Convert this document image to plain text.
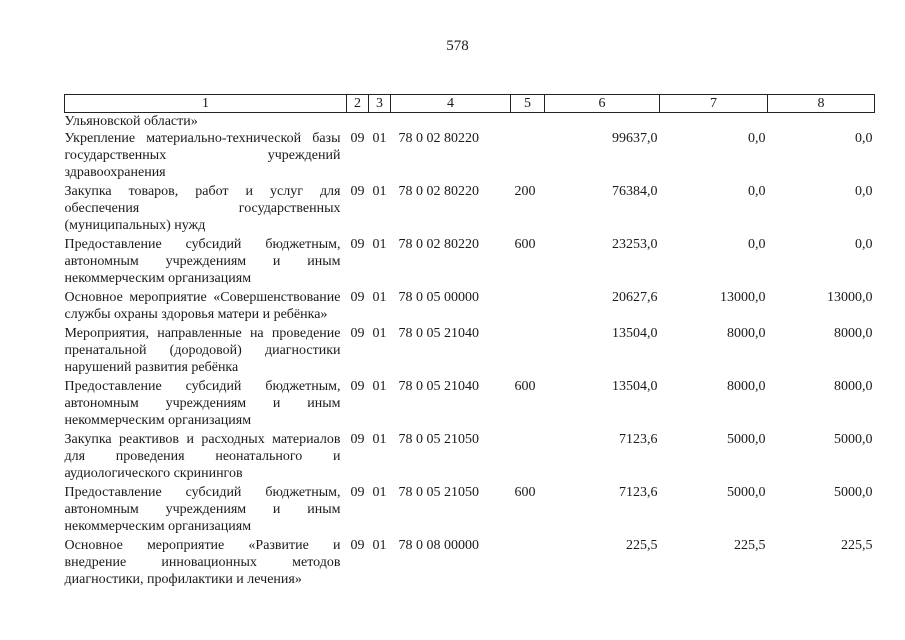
578
1	2	3	4	5	6	7	8
Ульяновской области»							
Укрепление материально-технической базы государственных учреждений здравоохранения	09	01	78 0 02 80220		99637,0	0,0	0,0
Закупка товаров, работ и услуг для обеспечения государственных (муниципальных) нужд	09	01	78 0 02 80220	200	76384,0	0,0	0,0
Предоставление субсидий бюджетным, автономным учреждениям и иным некоммерческим организациям	09	01	78 0 02 80220	600	23253,0	0,0	0,0
Основное мероприятие «Совершенствование службы охраны здоровья матери и ребёнка»	09	01	78 0 05 00000		20627,6	13000,0	13000,0
Мероприятия, направленные на проведение пренатальной (дородовой) диагностики нарушений развития ребёнка	09	01	78 0 05 21040		13504,0	8000,0	8000,0
Предоставление субсидий бюджетным, автономным учреждениям и иным некоммерческим организациям	09	01	78 0 05 21040	600	13504,0	8000,0	8000,0
Закупка реактивов и расходных материалов для проведения неонатального и аудиологического скринингов	09	01	78 0 05 21050		7123,6	5000,0	5000,0
Предоставление субсидий бюджетным, автономным учреждениям и иным некоммерческим организациям	09	01	78 0 05 21050	600	7123,6	5000,0	5000,0
Основное мероприятие «Развитие и внедрение инновационных методов диагностики, профилактики и лечения»	09	01	78 0 08 00000		225,5	225,5	225,5
